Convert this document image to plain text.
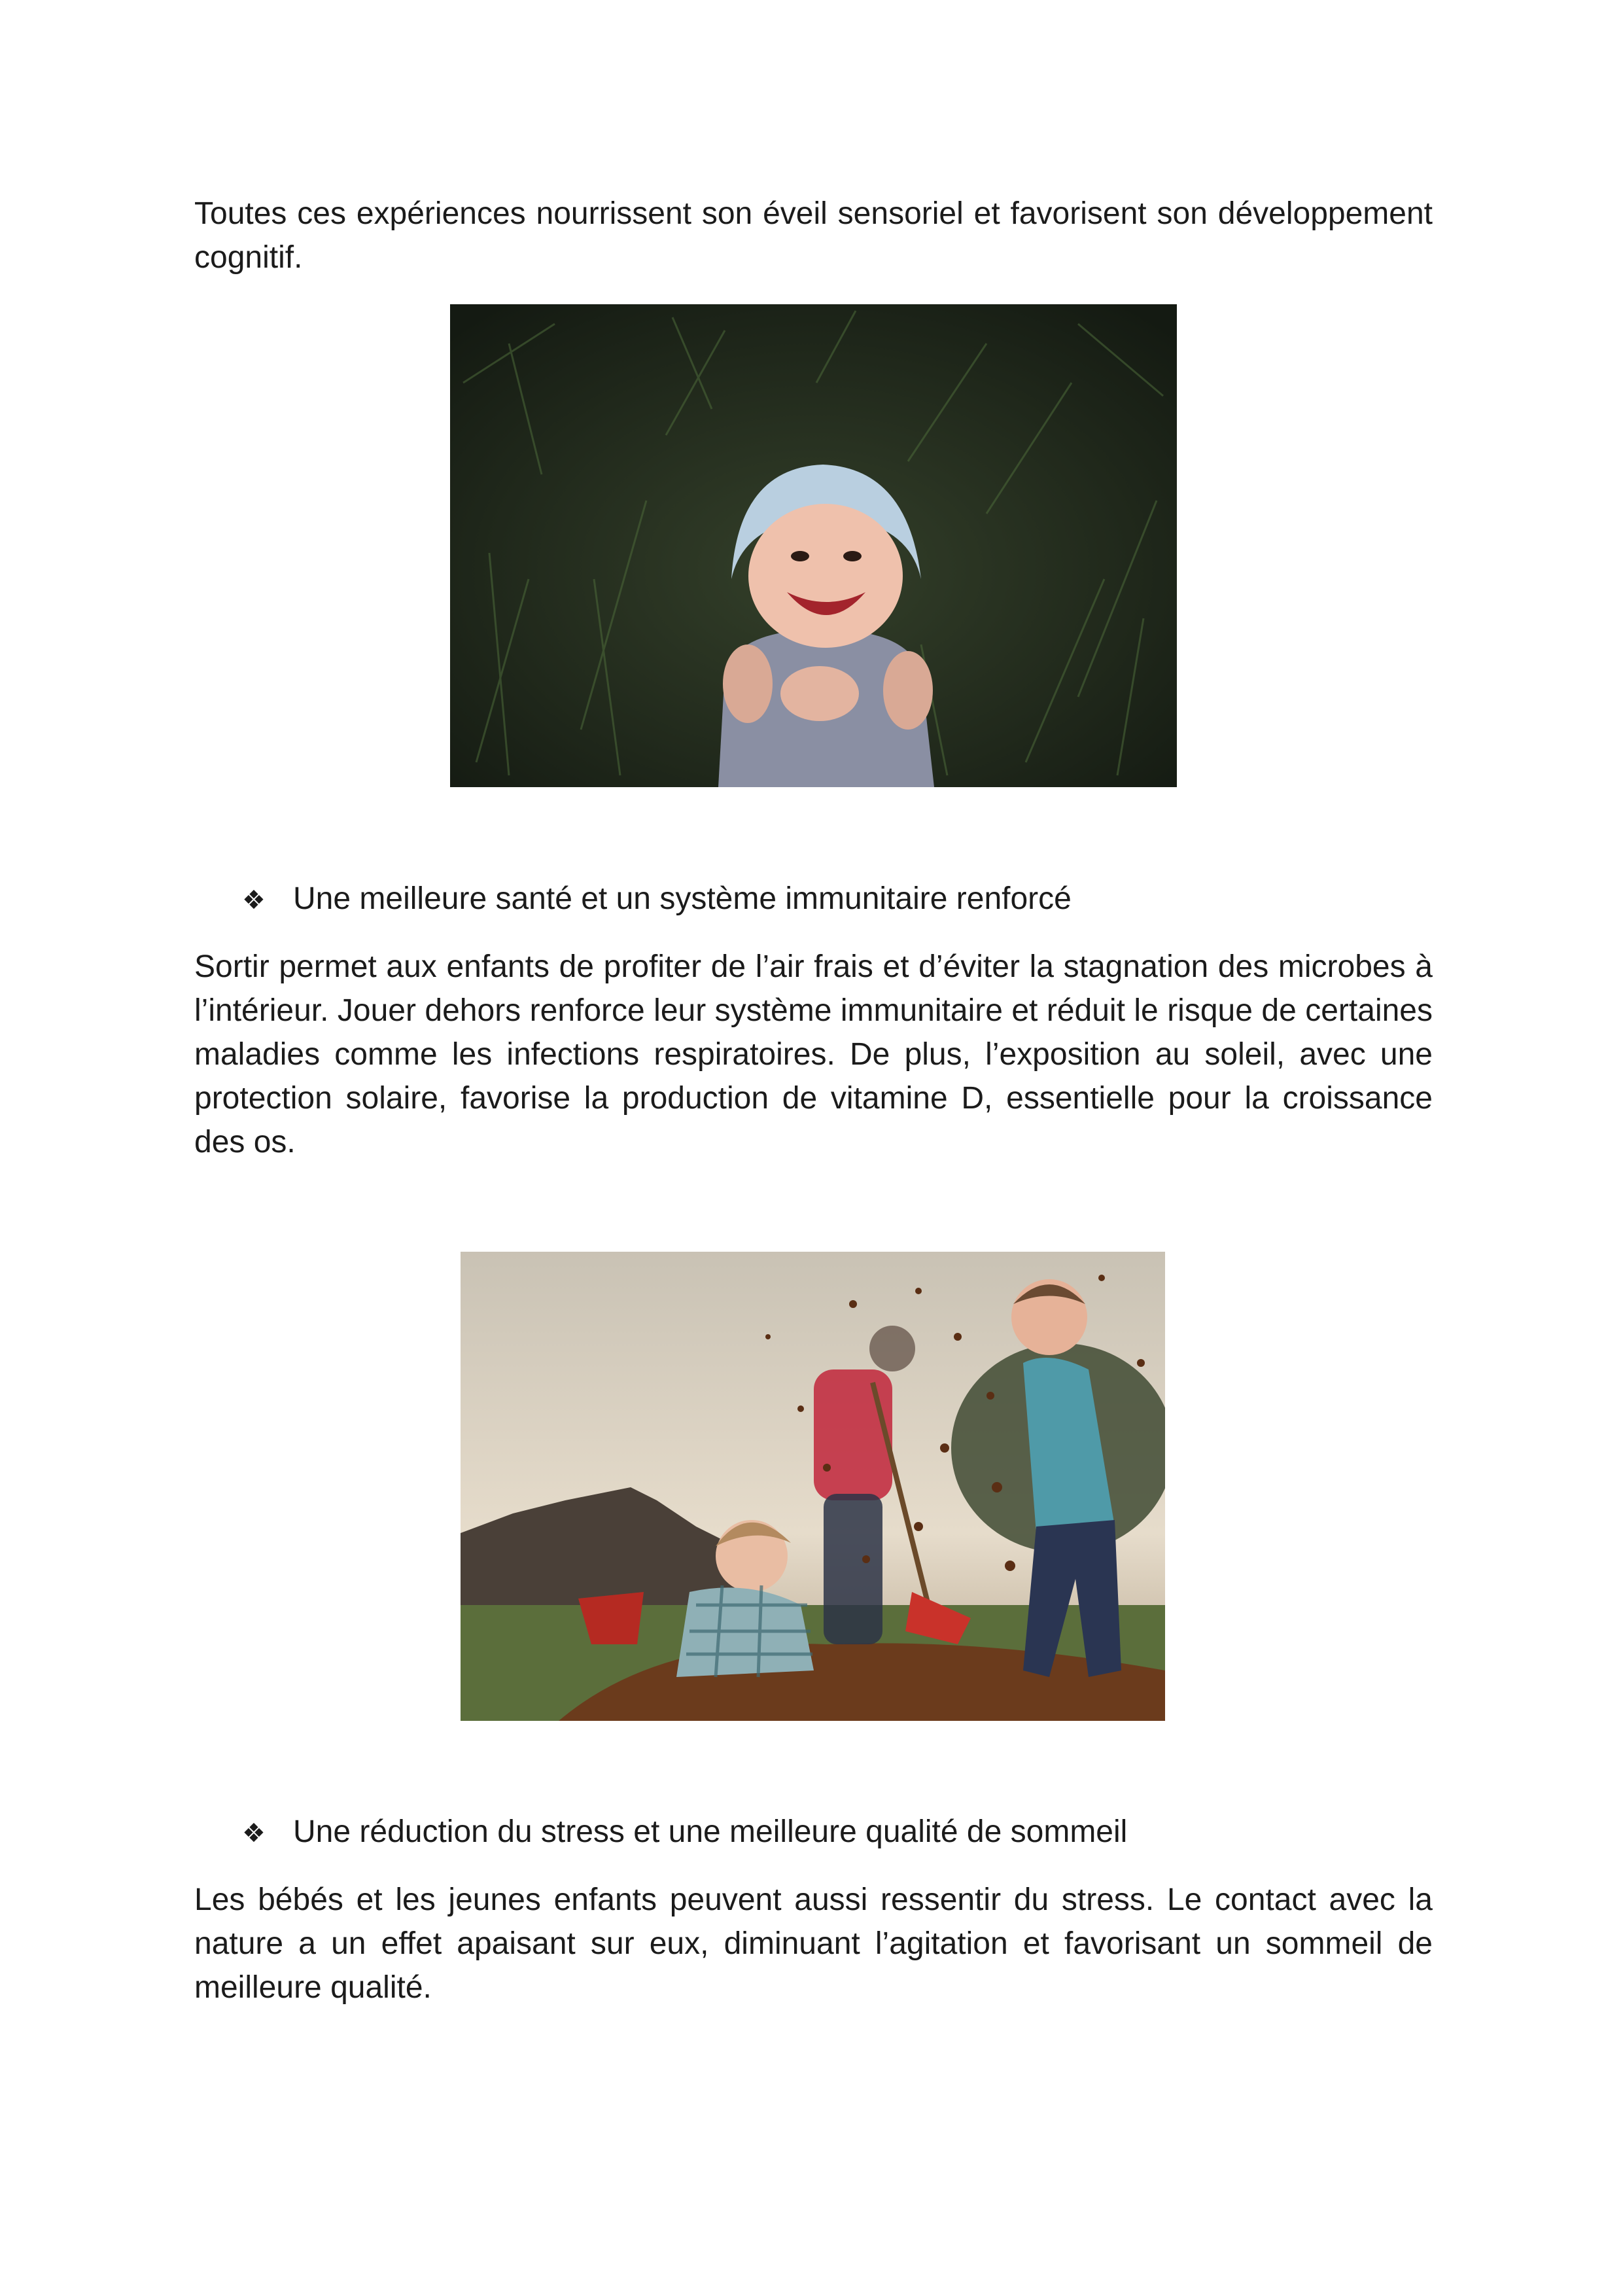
Toutes ces expériences nourrissent son éveil sensoriel et favorisent son développement cognitif.

❖ Une meilleure santé et un système immunitaire renforcé

Sortir permet aux enfants de profiter de l’air frais et d’éviter la stagnation des microbes à l’intérieur. Jouer dehors renforce leur système immunitaire et réduit le risque de certaines maladies comme les infections respiratoires. De plus, l’exposition au soleil, avec une protection solaire, favorise la production de vitamine D, essentielle pour la croissance des os.

❖ Une réduction du stress et une meilleure qualité de sommeil

Les bébés et les jeunes enfants peuvent aussi ressentir du stress. Le contact avec la nature a un effet apaisant sur eux, diminuant l’agitation et favorisant un sommeil de meilleure qualité.
